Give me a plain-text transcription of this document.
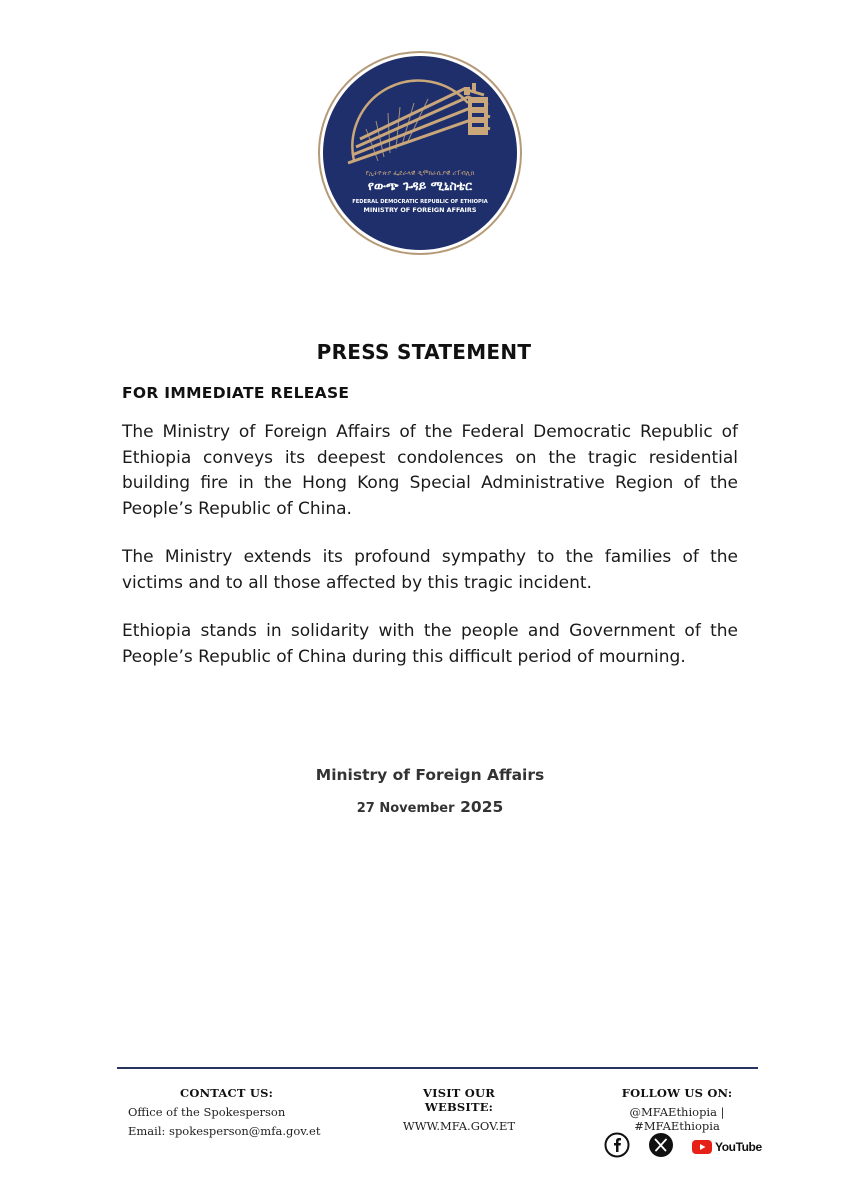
የኢትዮጵያ ፌደራላዊ ዲሞክራሲያዊ ሪፐብሊክ
የውጭ ጉዳይ ሚኒስቴር
FEDERAL DEMOCRATIC REPUBLIC OF ETHIOPIA
MINISTRY OF FOREIGN AFFAIRS
PRESS STATEMENT
FOR IMMEDIATE RELEASE

The Ministry of Foreign Affairs of the Federal Democratic Republic of Ethiopia conveys its deepest condolences on the tragic residential building fire in the Hong Kong Special Administrative Region of the People’s Republic of China.

The Ministry extends its profound sympathy to the families of the victims and to all those affected by this tragic incident.

Ethiopia stands in solidarity with the people and Government of the People’s Republic of China during this difficult period of mourning.

Ministry of Foreign Affairs
27 November 2025
CONTACT US:
Office of the Spokesperson
Email: spokesperson@mfa.gov.et
VISIT OUR WEBSITE:
WWW.MFA.GOV.ET
FOLLOW US ON:
@MFAEthiopia | #MFAEthiopia
YouTube
